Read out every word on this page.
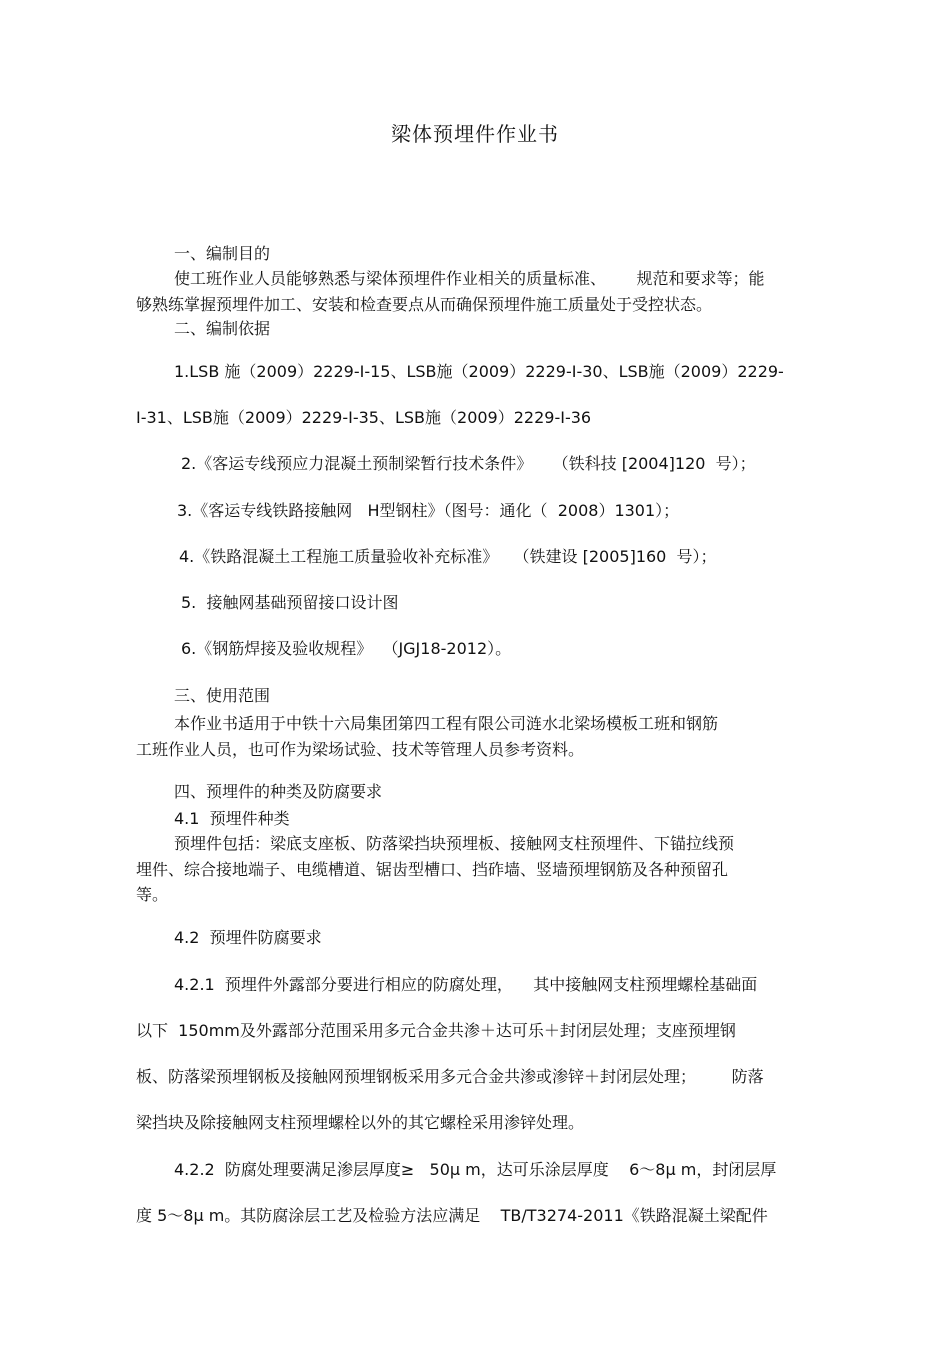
梁体预埋件作业书
一、编制目的
使工班作业人员能够熟悉与梁体预埋件作业相关的质量标准、      规范和要求等；能
够熟练掌握预埋件加工、安装和检查要点从而确保预埋件施工质量处于受控状态。
二、编制依据
1.LSB 施（2009）2229-Ⅰ-15、LSB施（2009）2229-Ⅰ-30、LSB施（2009）2229-
Ⅰ-31、LSB施（2009）2229-Ⅰ-35、LSB施（2009）2229-Ⅰ-36
2.《客运专线预应力混凝土预制梁暂行技术条件》    （铁科技 [2004]120  号）；
3.《客运专线铁路接触网   H型钢柱》（图号：通化（  2008）1301）；
4.《铁路混凝土工程施工质量验收补充标准》   （铁建设 [2005]160  号）；
5.  接触网基础预留接口设计图
6.《钢筋焊接及验收规程》  （JGJ18-2012）。
三、使用范围
本作业书适用于中铁十六局集团第四工程有限公司涟水北梁场模板工班和钢筋
工班作业人员，也可作为梁场试验、技术等管理人员参考资料。
四、预埋件的种类及防腐要求
4.1  预埋件种类
预埋件包括：梁底支座板、防落梁挡块预埋板、接触网支柱预埋件、下锚拉线预
埋件、综合接地端子、电缆槽道、锯齿型槽口、挡砟墙、竖墙预埋钢筋及各种预留孔
等。
4.2  预埋件防腐要求
4.2.1  预埋件外露部分要进行相应的防腐处理，    其中接触网支柱预埋螺栓基础面
以下  150mm及外露部分范围采用多元合金共渗＋达可乐＋封闭层处理；支座预埋钢
板、防落梁预埋钢板及接触网预埋钢板采用多元合金共渗或渗锌＋封闭层处理；       防落
梁挡块及除接触网支柱预埋螺栓以外的其它螺栓采用渗锌处理。
4.2.2  防腐处理要满足渗层厚度≥   50μ m，达可乐涂层厚度    6～8μ m，封闭层厚
度 5～8μ m。其防腐涂层工艺及检验方法应满足    TB/T3274-2011《铁路混凝土梁配件
